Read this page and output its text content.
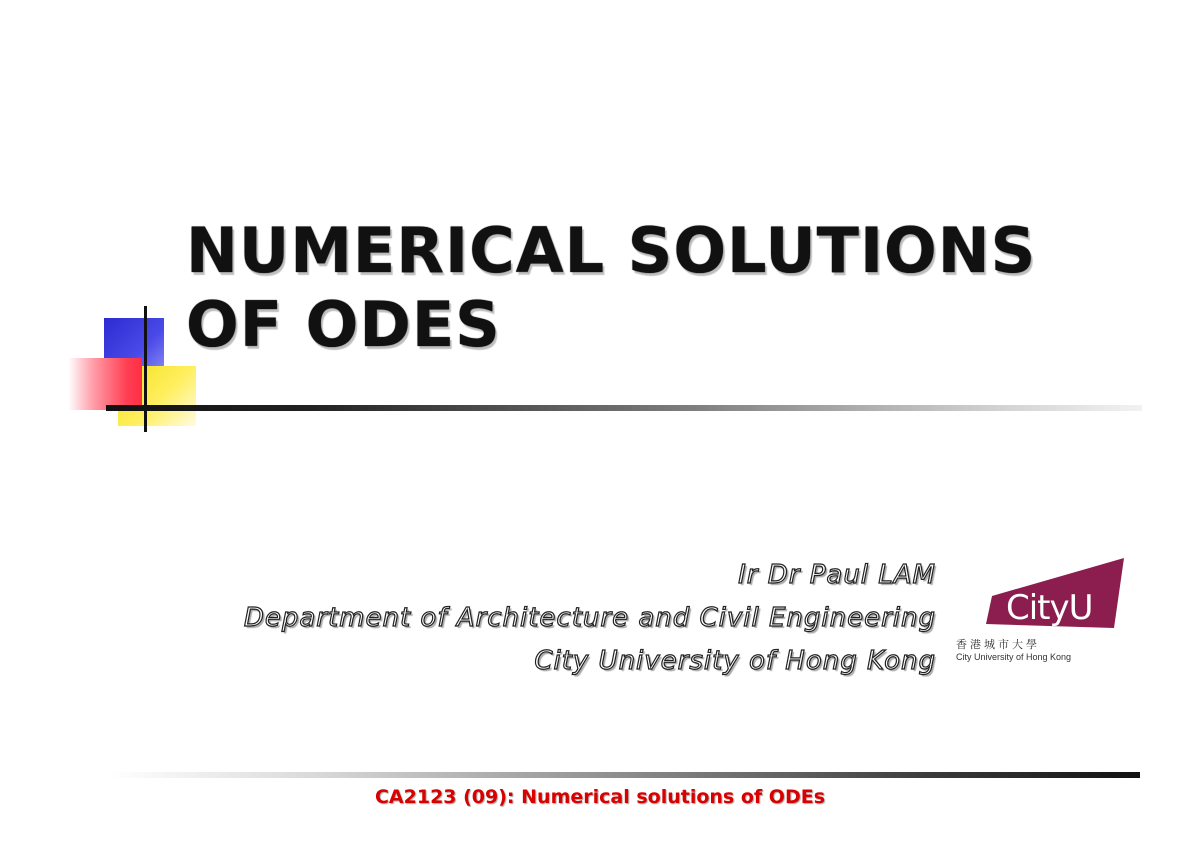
NUMERICAL SOLUTIONS
OF ODES
Ir Dr Paul LAM
Department of Architecture and Civil Engineering
City University of Hong Kong
CityU
香港城市大學
City University of Hong Kong
CA2123 (09): Numerical solutions of ODEs
